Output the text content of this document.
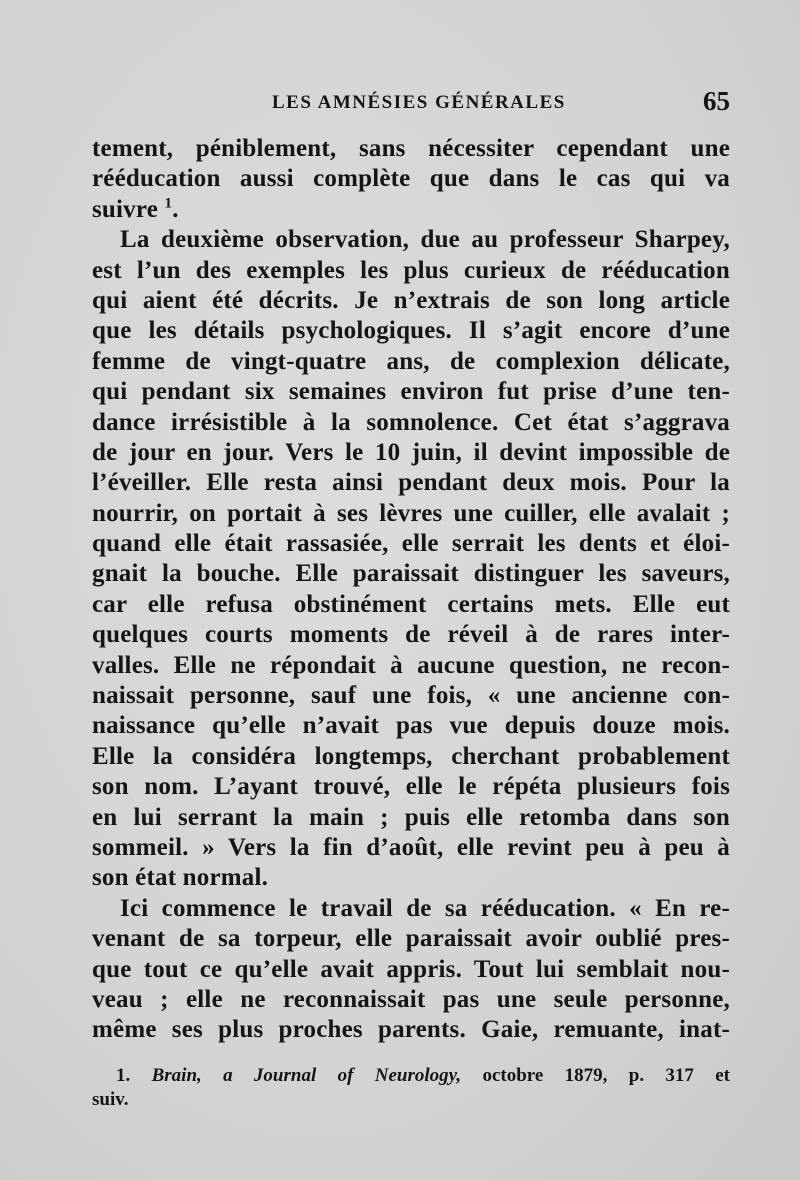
LES AMNÉSIES GÉNÉRALES	65
tement, péniblement, sans nécessiter cependant une
rééducation aussi complète que dans le cas qui va
suivre $^1$.
La deuxième observation, due au professeur Sharpey,
est l’un des exemples les plus curieux de rééducation
qui aient été décrits. Je n’extrais de son long article
que les détails psychologiques. Il s’agit encore d’une
femme de vingt-quatre ans, de complexion délicate,
qui pendant six semaines environ fut prise d’une ten-
dance irrésistible à la somnolence. Cet état s’aggrava
de jour en jour. Vers le 10 juin, il devint impossible de
l’éveiller. Elle resta ainsi pendant deux mois. Pour la
nourrir, on portait à ses lèvres une cuiller, elle avalait ;
quand elle était rassasiée, elle serrait les dents et éloi-
gnait la bouche. Elle paraissait distinguer les saveurs,
car elle refusa obstinément certains mets. Elle eut
quelques courts moments de réveil à de rares inter-
valles. Elle ne répondait à aucune question, ne recon-
naissait personne, sauf une fois, « une ancienne con-
naissance qu’elle n’avait pas vue depuis douze mois.
Elle la considéra longtemps, cherchant probablement
son nom. L’ayant trouvé, elle le répéta plusieurs fois
en lui serrant la main ; puis elle retomba dans son
sommeil. » Vers la fin d’août, elle revint peu à peu à
son état normal.
Ici commence le travail de sa rééducation. « En re-
venant de sa torpeur, elle paraissait avoir oublié pres-
que tout ce qu’elle avait appris. Tout lui semblait nou-
veau ; elle ne reconnaissait pas une seule personne,
même ses plus proches parents. Gaie, remuante, inat-
1. Brain, a Journal of Neurology, octobre 1879, p. 317 et
suiv.
